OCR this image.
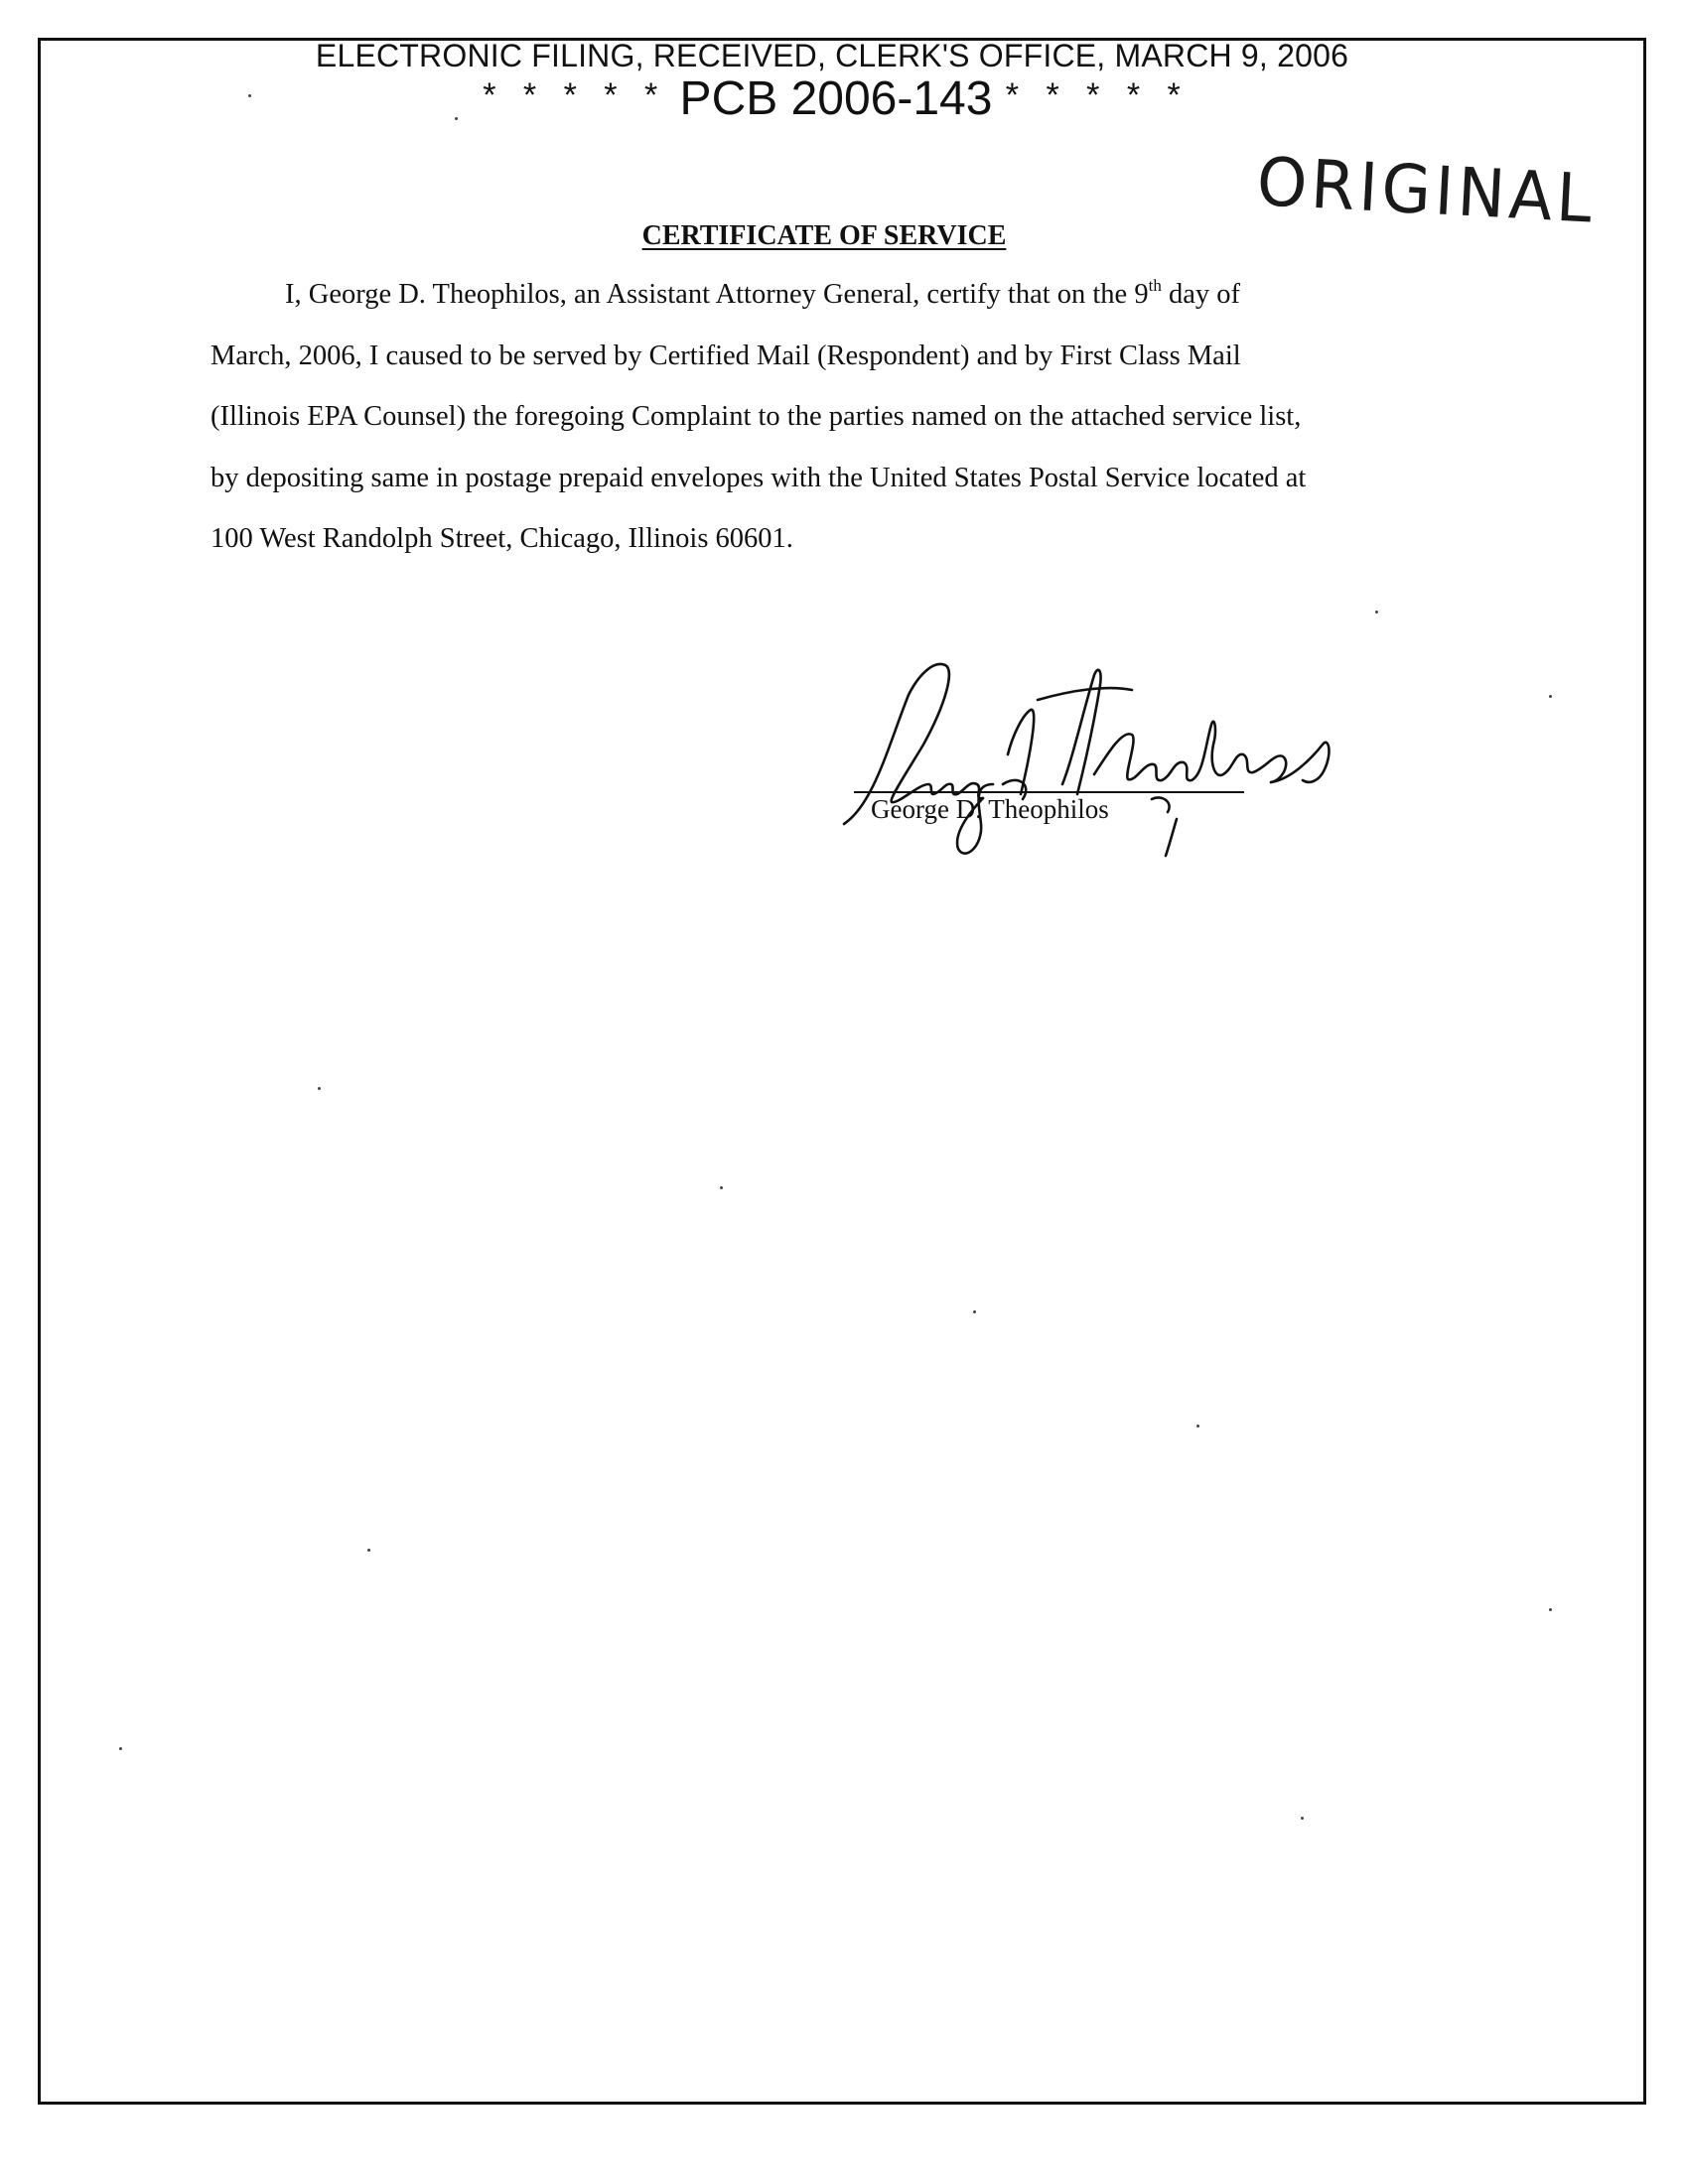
ELECTRONIC FILING, RECEIVED, CLERK'S OFFICE, MARCH 9, 2006
* * * * * PCB 2006-143 * * * * *
ORIGINAL
CERTIFICATE OF SERVICE
I, George D. Theophilos, an Assistant Attorney General, certify that on the 9th day of
March, 2006, I caused to be served by Certified Mail (Respondent) and by First Class Mail
(Illinois EPA Counsel) the foregoing Complaint to the parties named on the attached service list,
by depositing same in postage prepaid envelopes with the United States Postal Service located at
100 West Randolph Street, Chicago, Illinois 60601.
George D. Theophilos
